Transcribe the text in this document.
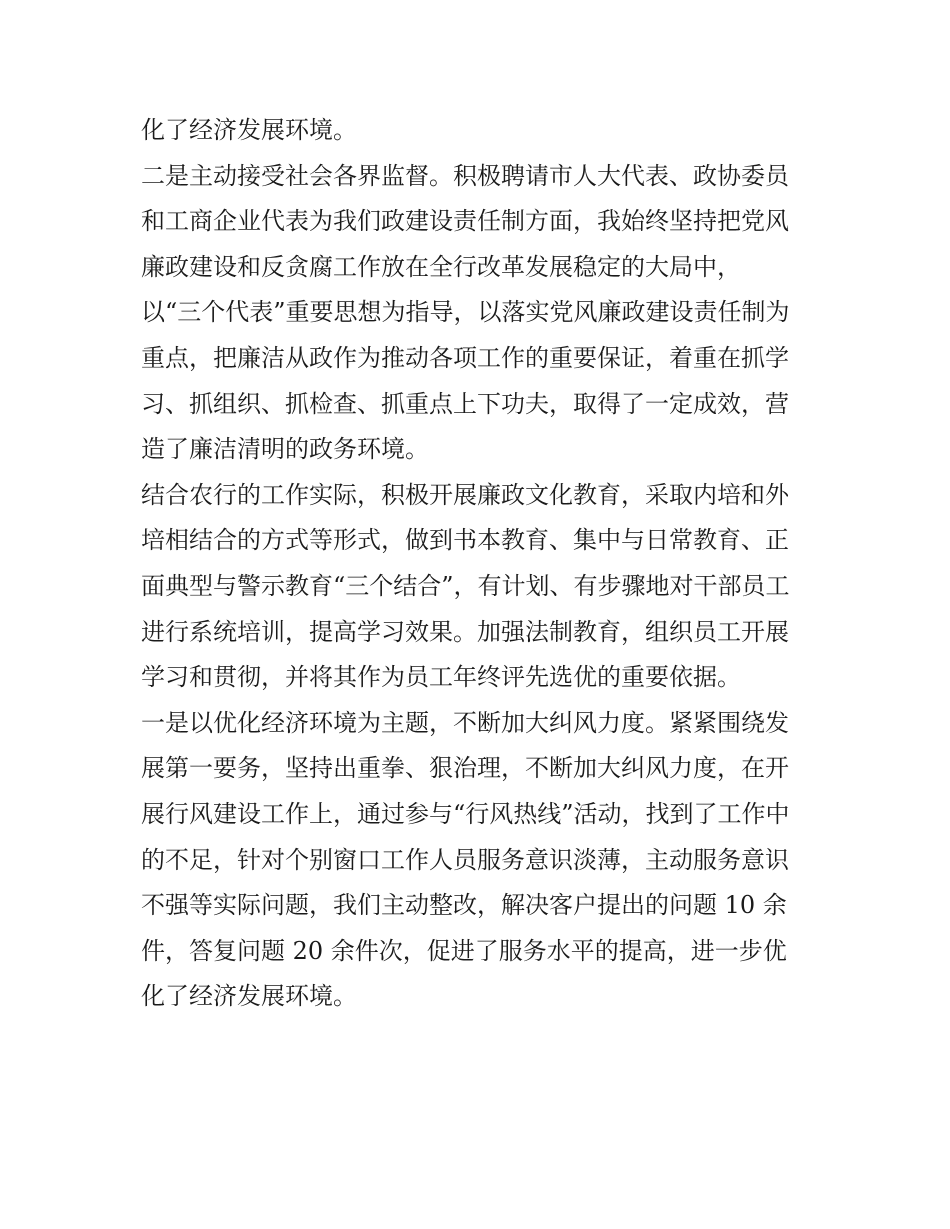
化了经济发展环境。
二是主动接受社会各界监督。积极聘请市人大代表、政协委员
和工商企业代表为我们政建设责任制方面，我始终坚持把党风
廉政建设和反贪腐工作放在全行改革发展稳定的大局中，
以“三个代表”重要思想为指导，以落实党风廉政建设责任制为
重点，把廉洁从政作为推动各项工作的重要保证，着重在抓学
习、抓组织、抓检查、抓重点上下功夫，取得了一定成效，营
造了廉洁清明的政务环境。
结合农行的工作实际，积极开展廉政文化教育，采取内培和外
培相结合的方式等形式，做到书本教育、集中与日常教育、正
面典型与警示教育“三个结合”，有计划、有步骤地对干部员工
进行系统培训，提高学习效果。加强法制教育，组织员工开展
学习和贯彻，并将其作为员工年终评先选优的重要依据。
一是以优化经济环境为主题，不断加大纠风力度。紧紧围绕发
展第一要务，坚持出重拳、狠治理，不断加大纠风力度，在开
展行风建设工作上，通过参与“行风热线”活动，找到了工作中
的不足，针对个别窗口工作人员服务意识淡薄，主动服务意识
不强等实际问题，我们主动整改，解决客户提出的问题 10 余
件，答复问题 20 余件次，促进了服务水平的提高，进一步优
化了经济发展环境。
